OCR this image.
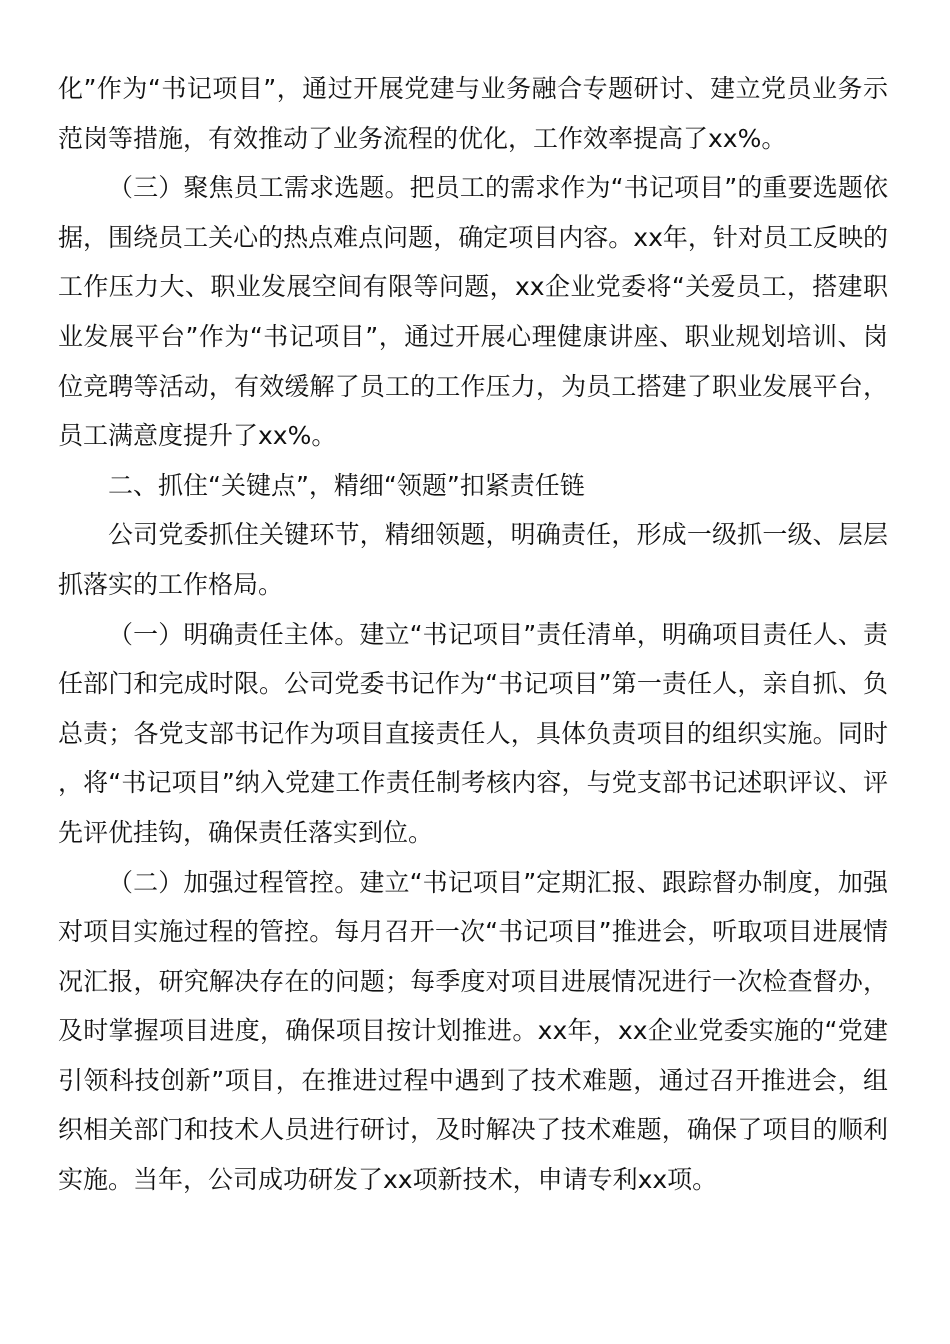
化”作为“书记项目”，通过开展党建与业务融合专题研讨、建立党员业务示范岗等措施，有效推动了业务流程的优化，工作效率提高了xx%。

（三）聚焦员工需求选题。把员工的需求作为“书记项目”的重要选题依据，围绕员工关心的热点难点问题，确定项目内容。xx年，针对员工反映的工作压力大、职业发展空间有限等问题，xx企业党委将“关爱员工，搭建职业发展平台”作为“书记项目”，通过开展心理健康讲座、职业规划培训、岗位竞聘等活动，有效缓解了员工的工作压力，为员工搭建了职业发展平台，员工满意度提升了xx%。

二、抓住“关键点”，精细“领题”扣紧责任链

公司党委抓住关键环节，精细领题，明确责任，形成一级抓一级、层层抓落实的工作格局。

（一）明确责任主体。建立“书记项目”责任清单，明确项目责任人、责任部门和完成时限。公司党委书记作为“书记项目”第一责任人，亲自抓、负总责；各党支部书记作为项目直接责任人，具体负责项目的组织实施。同时，将“书记项目”纳入党建工作责任制考核内容，与党支部书记述职评议、评先评优挂钩，确保责任落实到位。

（二）加强过程管控。建立“书记项目”定期汇报、跟踪督办制度，加强对项目实施过程的管控。每月召开一次“书记项目”推进会，听取项目进展情况汇报，研究解决存在的问题；每季度对项目进展情况进行一次检查督办，及时掌握项目进度，确保项目按计划推进。xx年，xx企业党委实施的“党建引领科技创新”项目，在推进过程中遇到了技术难题，通过召开推进会，组织相关部门和技术人员进行研讨，及时解决了技术难题，确保了项目的顺利实施。当年，公司成功研发了xx项新技术，申请专利xx项。
